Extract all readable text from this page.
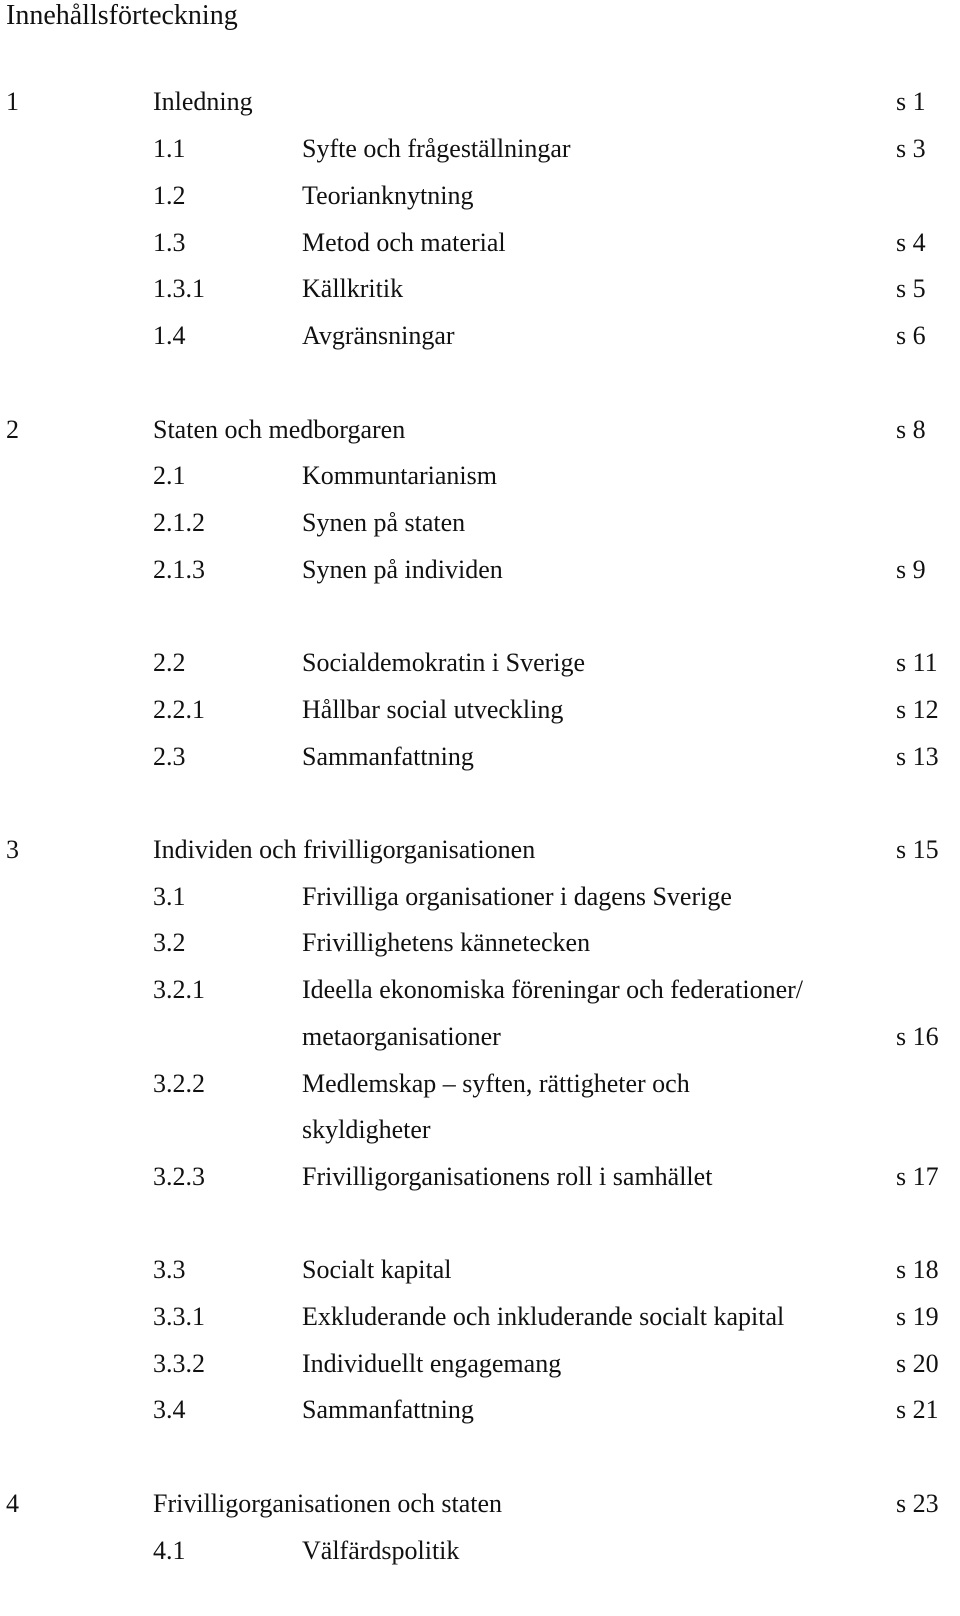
Innehållsförteckning
1	Inledning	s 1
1.1	Syfte och frågeställningar	s 3
1.2	Teorianknytning
1.3	Metod och material	s 4
1.3.1	Källkritik	s 5
1.4	Avgränsningar	s 6
2	Staten och medborgaren	s 8
2.1	Kommuntarianism
2.1.2	Synen på staten
2.1.3	Synen på individen	s 9
2.2	Socialdemokratin i Sverige	s 11
2.2.1	Hållbar social utveckling	s 12
2.3	Sammanfattning	s 13
3	Individen och frivilligorganisationen	s 15
3.1	Frivilliga organisationer i dagens Sverige
3.2	Frivillighetens kännetecken
3.2.1	Ideella ekonomiska föreningar och federationer/
metaorganisationer	s 16
3.2.2	Medlemskap – syften, rättigheter och
skyldigheter
3.2.3	Frivilligorganisationens roll i samhället	s 17
3.3	Socialt kapital	s 18
3.3.1	Exkluderande och inkluderande socialt kapital	s 19
3.3.2	Individuellt engagemang	s 20
3.4	Sammanfattning	s 21
4	Frivilligorganisationen och staten	s 23
4.1	Välfärdspolitik
